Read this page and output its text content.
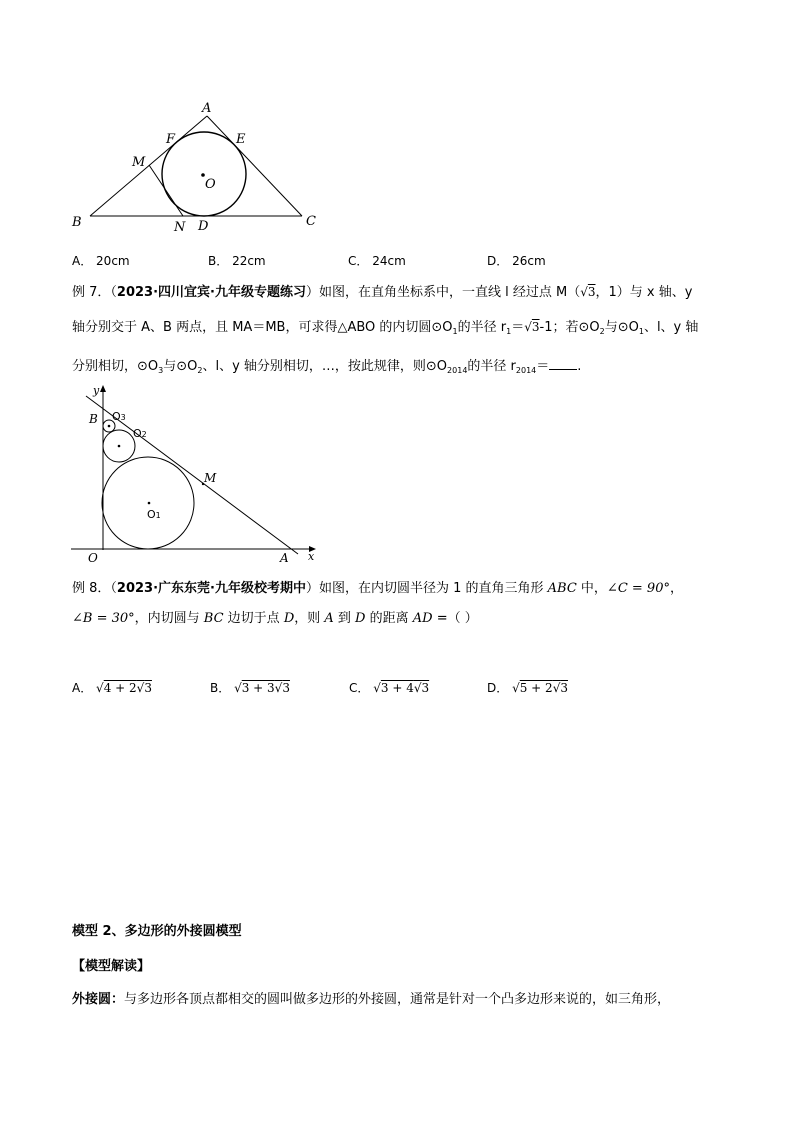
A
F	E
M
O
B	N D	C
A． 20cm	B． 22cm	C． 24cm	D． 26cm
例 7．（2023·四川宜宾·九年级专题练习）如图，在直角坐标系中，一直线 l 经过点 M（√3，1）与 x 轴、y
轴分别交于 A、B 两点，且 MA＝MB，可求得△ABO 的内切圆$⊙O_1$的半径 $r_1=√3-1$；若$⊙O_2$与$⊙O_1$、l、y 轴
分别相切，$⊙O_3$与$⊙O_2$、l、y 轴分别相切，…，按此规律，则$⊙O_{2014}$的半径 $r_{2014}=$ .
y
B O3
O2
M
O1
O	A x
例 8．（2023·广东东莞·九年级校考期中）如图，在内切圆半径为 1 的直角三角形 ABC 中，∠C = 90°，
∠B = 30°，内切圆与 BC 边切于点 D，则 A 到 D 的距离 AD =（ ）
A． √4 + 2√3	B． √3 + 3√3	C． √3 + 4√3	D． √5 + 2√3
模型 2、多边形的外接圆模型
【模型解读】
外接圆：与多边形各顶点都相交的圆叫做多边形的外接圆，通常是针对一个凸多边形来说的，如三角形，
